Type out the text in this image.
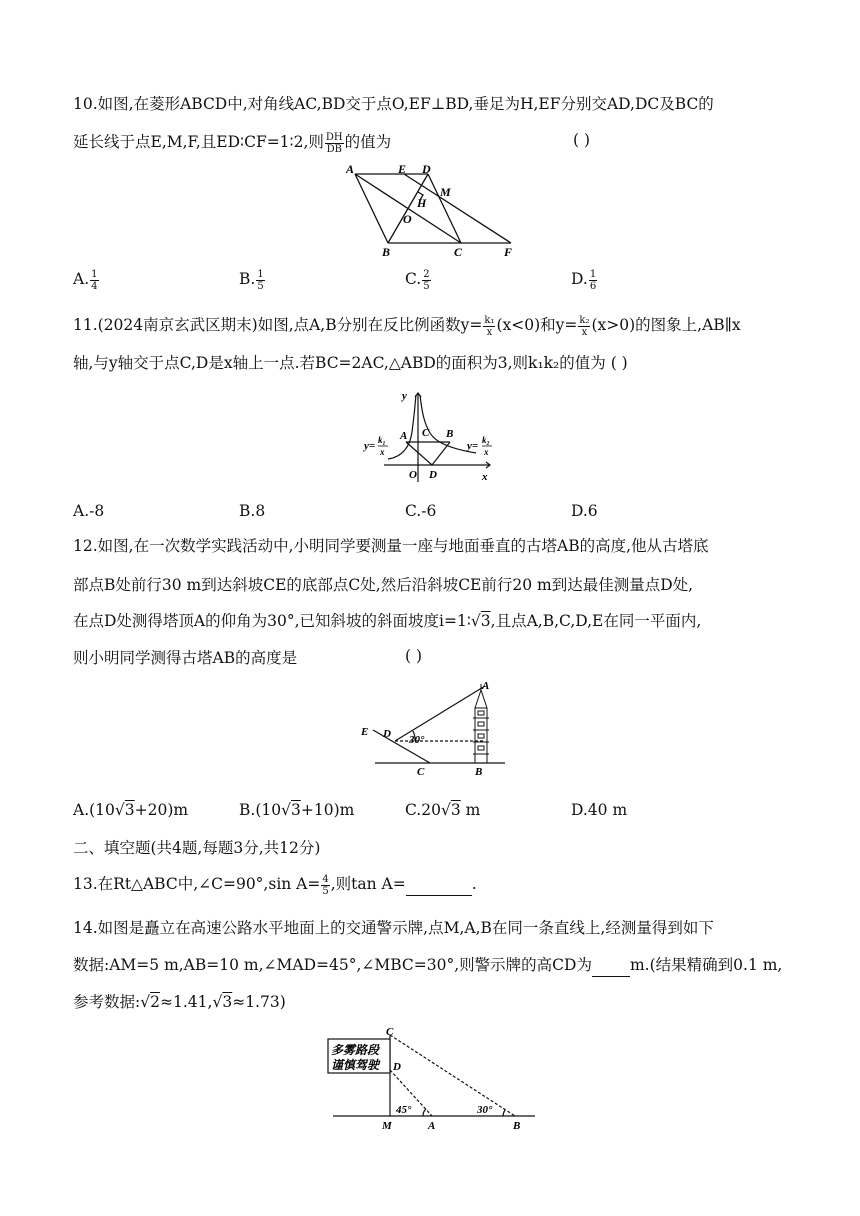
10.如图,在菱形ABCD中,对角线AC,BD交于点O,EF⊥BD,垂足为H,EF分别交AD,DC及BC的
延长线于点E,M,F,且ED∶CF=1∶2,则 $\frac{DH}{DB}$ 的值为	( )
A	E D
M
H
O
B	C	F
A. $\frac{1}{4}$	B. $\frac{1}{5}$	C. $\frac{2}{5}$	D. $\frac{1}{6}$
11.(2024南京玄武区期末)如图,点A,B分别在反比例函数$y= \frac{\text{k₁}}{x} (x<0)$和$y= \frac{\text{k₂}}{x} (x>0)$的图象上,AB∥x
轴,与y轴交于点C,D是x轴上一点.若BC=2AC,△ABD的面积为3,则k₁k₂的值为 ( )
y
x
A C B
O D
y= k₁
x	y= k₂
x
A.-8	B.8	C.-6	D.6
12.如图,在一次数学实践活动中,小明同学要测量一座与地面垂直的古塔AB的高度,他从古塔底
部点B处前行30 m到达斜坡CE的底部点C处,然后沿斜坡CE前行20 m到达最佳测量点D处,
在点D处测得塔顶A的仰角为30°,已知斜坡的斜面坡度i=1∶√3,且点A,B,C,D,E在同一平面内,
则小明同学测得古塔AB的高度是	( )
A
E D 30°
C	B
A.(10√3+20)m	B.(10√3+10)m	C.20√3 m	D.40 m
二、填空题(共4题,每题3分,共12分)
13.在Rt△ABC中,∠C=90°,sin $A= \frac{4}{5}$ ,则tan A=	.
14.如图是矗立在高速公路水平地面上的交通警示牌,点M,A,B在同一条直线上,经测量得到如下
数据:AM=5 m,AB=10 m,∠MAD=45°,∠MBC=30°,则警示牌的高CD为 m.(结果精确到0.1 m,
参考数据:√2≈1.41,√3≈1.73)
多雾路段
谨慎驾驶
C
D
M	A	B
45°	30°
